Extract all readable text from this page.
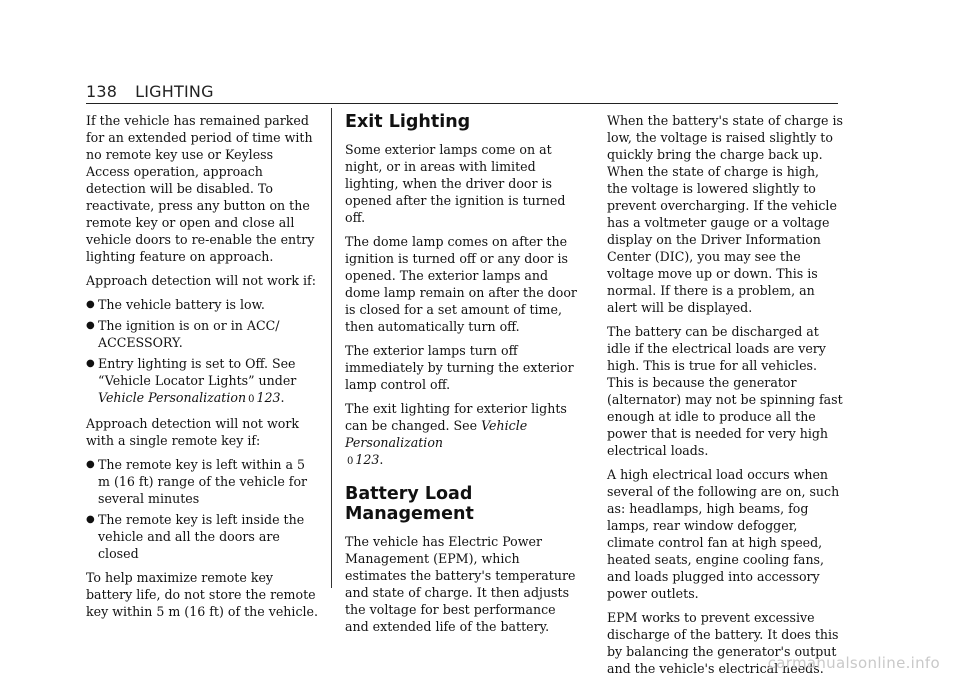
138 LIGHTING

If the vehicle has remained parked for an extended period of time with no remote key use or Keyless Access operation, approach detection will be disabled. To reactivate, press any button on the remote key or open and close all vehicle doors to re-enable the entry lighting feature on approach.

Approach detection will not work if:

● The vehicle battery is low.
● The ignition is on or in ACC/ ACCESSORY.
● Entry lighting is set to Off. See “Vehicle Locator Lights” under Vehicle Personalization 0 123.

Approach detection will not work with a single remote key if:

● The remote key is left within a 5 m (16 ft) range of the vehicle for several minutes
● The remote key is left inside the vehicle and all the doors are closed

To help maximize remote key battery life, do not store the remote key within 5 m (16 ft) of the vehicle.

Exit Lighting

Some exterior lamps come on at night, or in areas with limited lighting, when the driver door is opened after the ignition is turned off.

The dome lamp comes on after the ignition is turned off or any door is opened. The exterior lamps and dome lamp remain on after the door is closed for a set amount of time, then automatically turn off.

The exterior lamps turn off immediately by turning the exterior lamp control off.

The exit lighting for exterior lights can be changed. See Vehicle Personalization
0 123.

Battery Load Management

The vehicle has Electric Power Management (EPM), which estimates the battery's temperature and state of charge. It then adjusts the voltage for best performance and extended life of the battery.

When the battery's state of charge is low, the voltage is raised slightly to quickly bring the charge back up. When the state of charge is high, the voltage is lowered slightly to prevent overcharging. If the vehicle has a voltmeter gauge or a voltage display on the Driver Information Center (DIC), you may see the voltage move up or down. This is normal. If there is a problem, an alert will be displayed.

The battery can be discharged at idle if the electrical loads are very high. This is true for all vehicles. This is because the generator (alternator) may not be spinning fast enough at idle to produce all the power that is needed for very high electrical loads.

A high electrical load occurs when several of the following are on, such as: headlamps, high beams, fog lamps, rear window defogger, climate control fan at high speed, heated seats, engine cooling fans, and loads plugged into accessory power outlets.

EPM works to prevent excessive discharge of the battery. It does this by balancing the generator's output and the vehicle's electrical needs.

carmanualsonline.info
